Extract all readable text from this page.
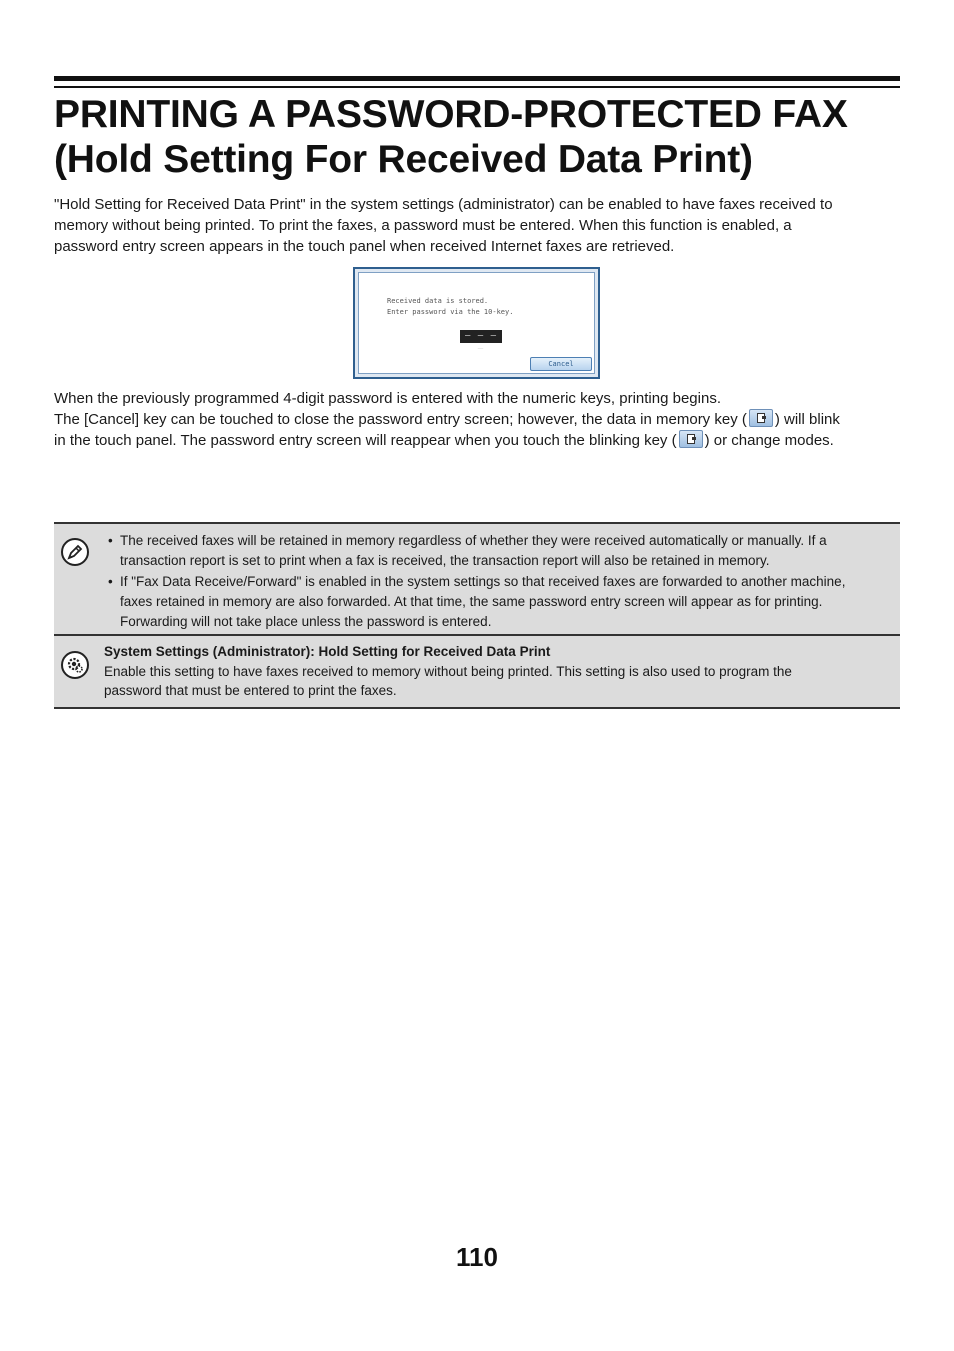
PRINTING A PASSWORD-PROTECTED FAX
(Hold Setting For Received Data Print)

"Hold Setting for Received Data Print" in the system settings (administrator) can be enabled to have faxes received to
memory without being printed. To print the faxes, a password must be entered. When this function is enabled, a
password entry screen appears in the touch panel when received Internet faxes are retrieved.

Received data is stored.
Enter password via the 10-key.
– – – –
Cancel

When the previously programmed 4-digit password is entered with the numeric keys, printing begins.
The [Cancel] key can be touched to close the password entry screen; however, the data in memory key ( ) will blink
in the touch panel. The password entry screen will reappear when you touch the blinking key ( ) or change modes.

• The received faxes will be retained in memory regardless of whether they were received automatically or manually. If a
transaction report is set to print when a fax is received, the transaction report will also be retained in memory.
• If "Fax Data Receive/Forward" is enabled in the system settings so that received faxes are forwarded to another machine,
faxes retained in memory are also forwarded. At that time, the same password entry screen will appear as for printing.
Forwarding will not take place unless the password is entered.
System Settings (Administrator): Hold Setting for Received Data Print
Enable this setting to have faxes received to memory without being printed. This setting is also used to program the
password that must be entered to print the faxes.
110
